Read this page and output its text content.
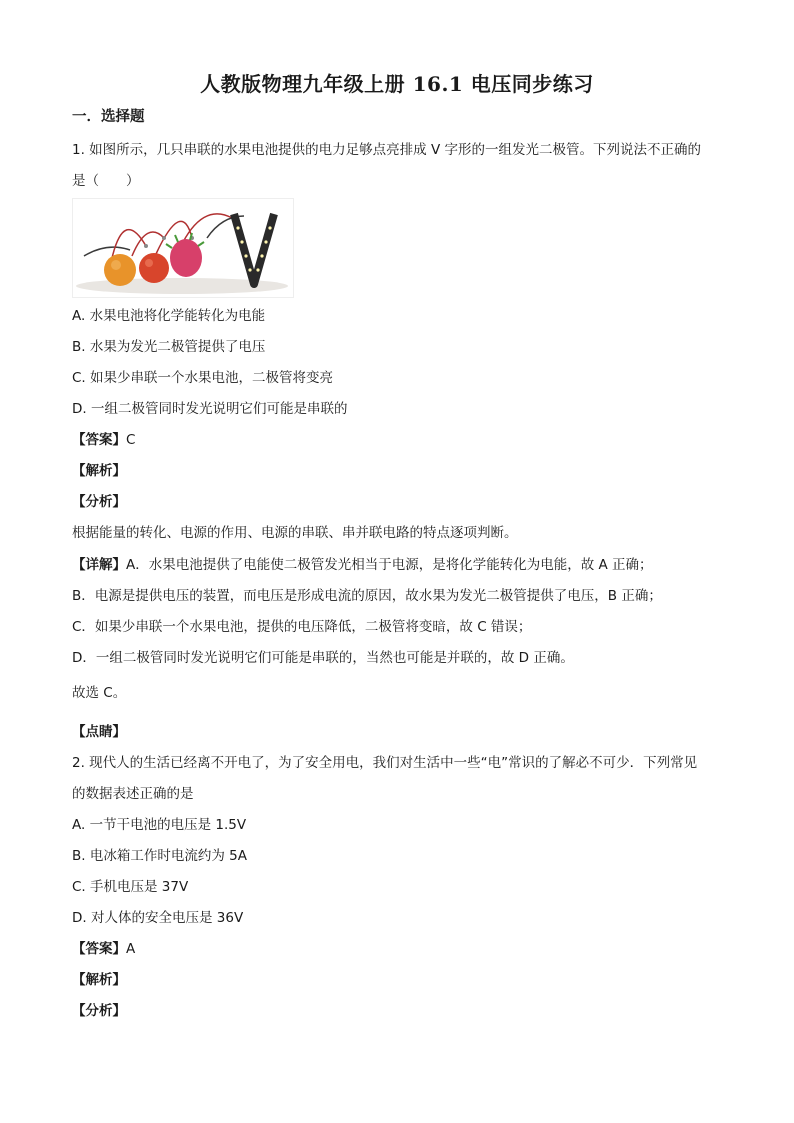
人教版物理九年级上册 16.1 电压同步练习
一．选择题
1. 如图所示，几只串联的水果电池提供的电力足够点亮排成 V 字形的一组发光二极管。下列说法不正确的
是（　　）
A. 水果电池将化学能转化为电能
B. 水果为发光二极管提供了电压
C. 如果少串联一个水果电池，二极管将变亮
D. 一组二极管同时发光说明它们可能是串联的
【答案】C
【解析】
【分析】
根据能量的转化、电源的作用、电源的串联、串并联电路的特点逐项判断。
【详解】A．水果电池提供了电能使二极管发光相当于电源，是将化学能转化为电能，故 A 正确；
B．电源是提供电压的装置，而电压是形成电流的原因，故水果为发光二极管提供了电压，B 正确；
C．如果少串联一个水果电池，提供的电压降低，二极管将变暗，故 C 错误；
D．一组二极管同时发光说明它们可能是串联的，当然也可能是并联的，故 D 正确。
故选 C。
【点睛】
2. 现代人的生活已经离不开电了，为了安全用电，我们对生活中一些“电”常识的了解必不可少．下列常见
的数据表述正确的是
A. 一节干电池的电压是 1.5V
B. 电冰箱工作时电流约为 5A
C. 手机电压是 37V
D. 对人体的安全电压是 36V
【答案】A
【解析】
【分析】
